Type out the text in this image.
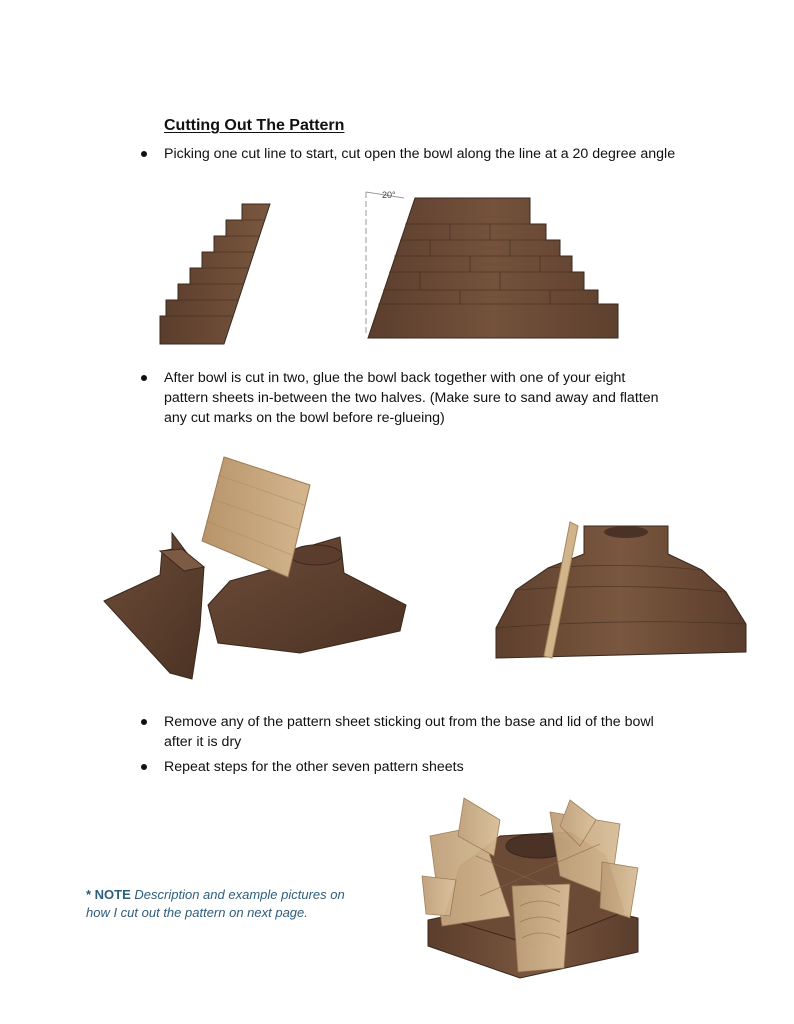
Cutting Out The Pattern
Picking one cut line to start, cut open the bowl along the line at a 20 degree angle
20°
After bowl is cut in two, glue the bowl back together with one of your eight
pattern sheets in-between the two halves. (Make sure to sand away and flatten
any cut marks on the bowl before re-glueing)
Remove any of the pattern sheet sticking out from the base and lid of the bowl
after it is dry
Repeat steps for the other seven pattern sheets
* NOTE Description and example pictures on
how I cut out the pattern on next page.
